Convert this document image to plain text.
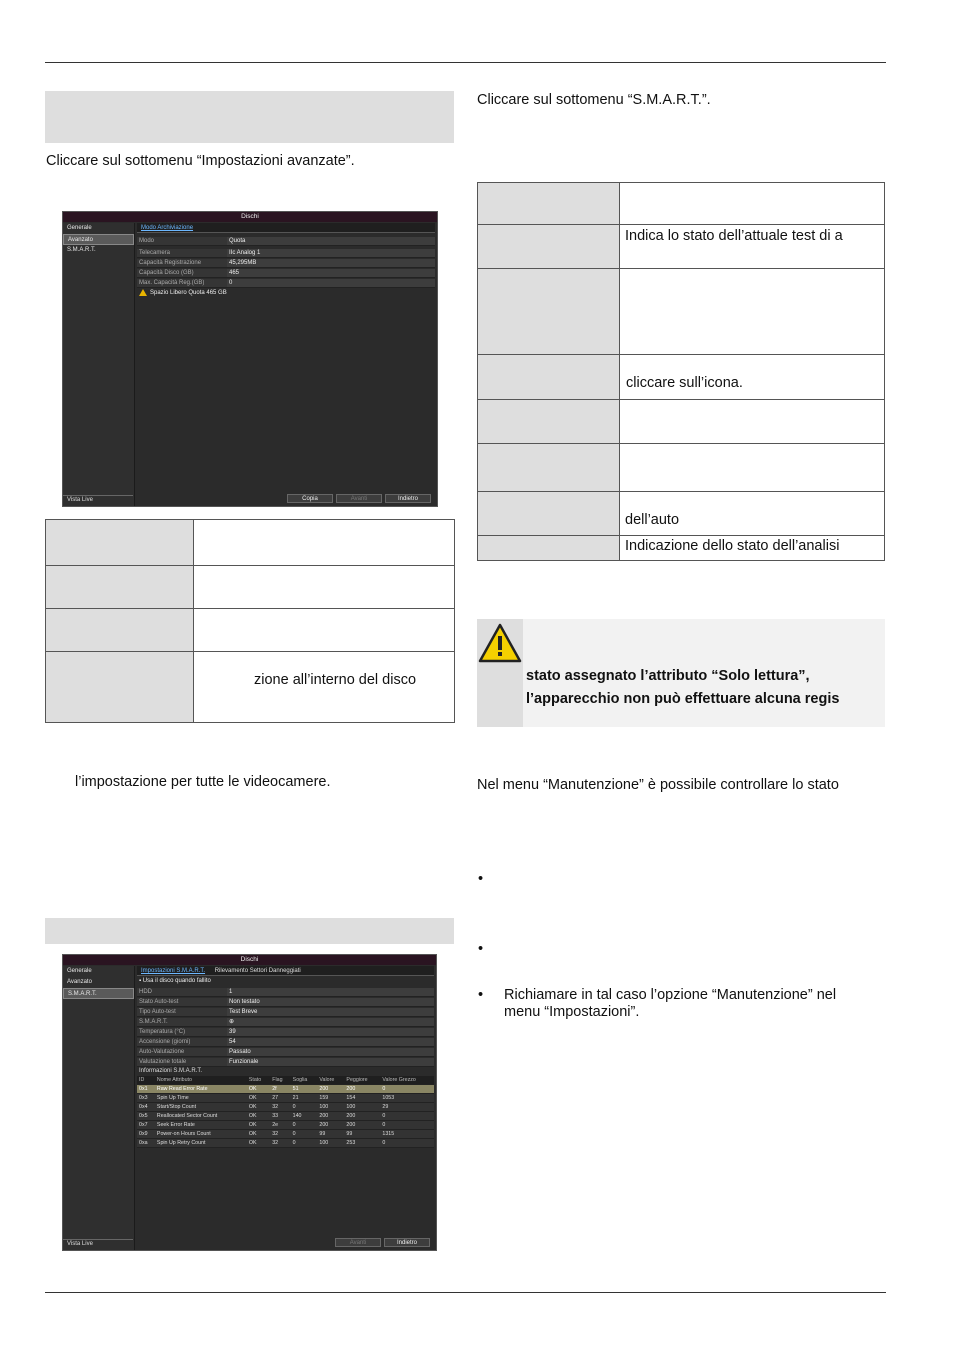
Cliccare sul sottomenu “Impostazioni avanzate”.
Dischi
Generale
Avanzato
S.M.A.R.T.
Vista Live
Modo Archiviazione
Modo	Quota
Telecamera	IIc Analog 1
Capacità Registrazione	45,295MB
Capacità Disco (GB)	465
Max. Capacità Reg.(GB)	0
Spazio Libero Quota 465 GB
Copia	Avanti	Indietro

	zione all’interno del disco
l’impostazione per tutte le videocamere.
Dischi
Generale
Avanzato
S.M.A.R.T.
Vista Live
Impostazioni S.M.A.R.T. Rilevamento Settori Danneggiati
▪ Usa il disco quando fallito
HDD	1
Stato Auto-test	Non testato
Tipo Auto-test	Test Breve
S.M.A.R.T.	⊕
Temperatura (°C)	39
Accensione (giorni)	54
Auto-Valutazione	Passato
Valutazione totale	Funzionale
Informazioni S.M.A.R.T.
ID	Nome Attributo	Stato	Flag	Soglia	Valore	Peggiore	Valore Grezzo
0x1	Raw Read Error Rate	OK	2f	51	200	200	0
0x3	Spin Up Time	OK	27	21	159	154	1053
0x4	Start/Stop Count	OK	32	0	100	100	29
0x5	Reallocated Sector Count	OK	33	140	200	200	0
0x7	Seek Error Rate	OK	2e	0	200	200	0
0x9	Power-on Hours Count	OK	32	0	99	99	1315
0xa	Spin Up Retry Count	OK	32	0	100	253	0
Avanti	Indietro
Cliccare sul sottomenu “S.M.A.R.T.”.

	Indica lo stato dell’attuale test di a

	cliccare sull’icona.

	dell’auto
	Indicazione dello stato dell’analisi
stato assegnato l’attributo “Solo lettura”,
l’apparecchio non può effettuare alcuna regis
Nel menu “Manutenzione” è possibile controllare lo stato
•
•
• Richiamare in tal caso l’opzione “Manutenzione” nel
menu “Impostazioni”.
